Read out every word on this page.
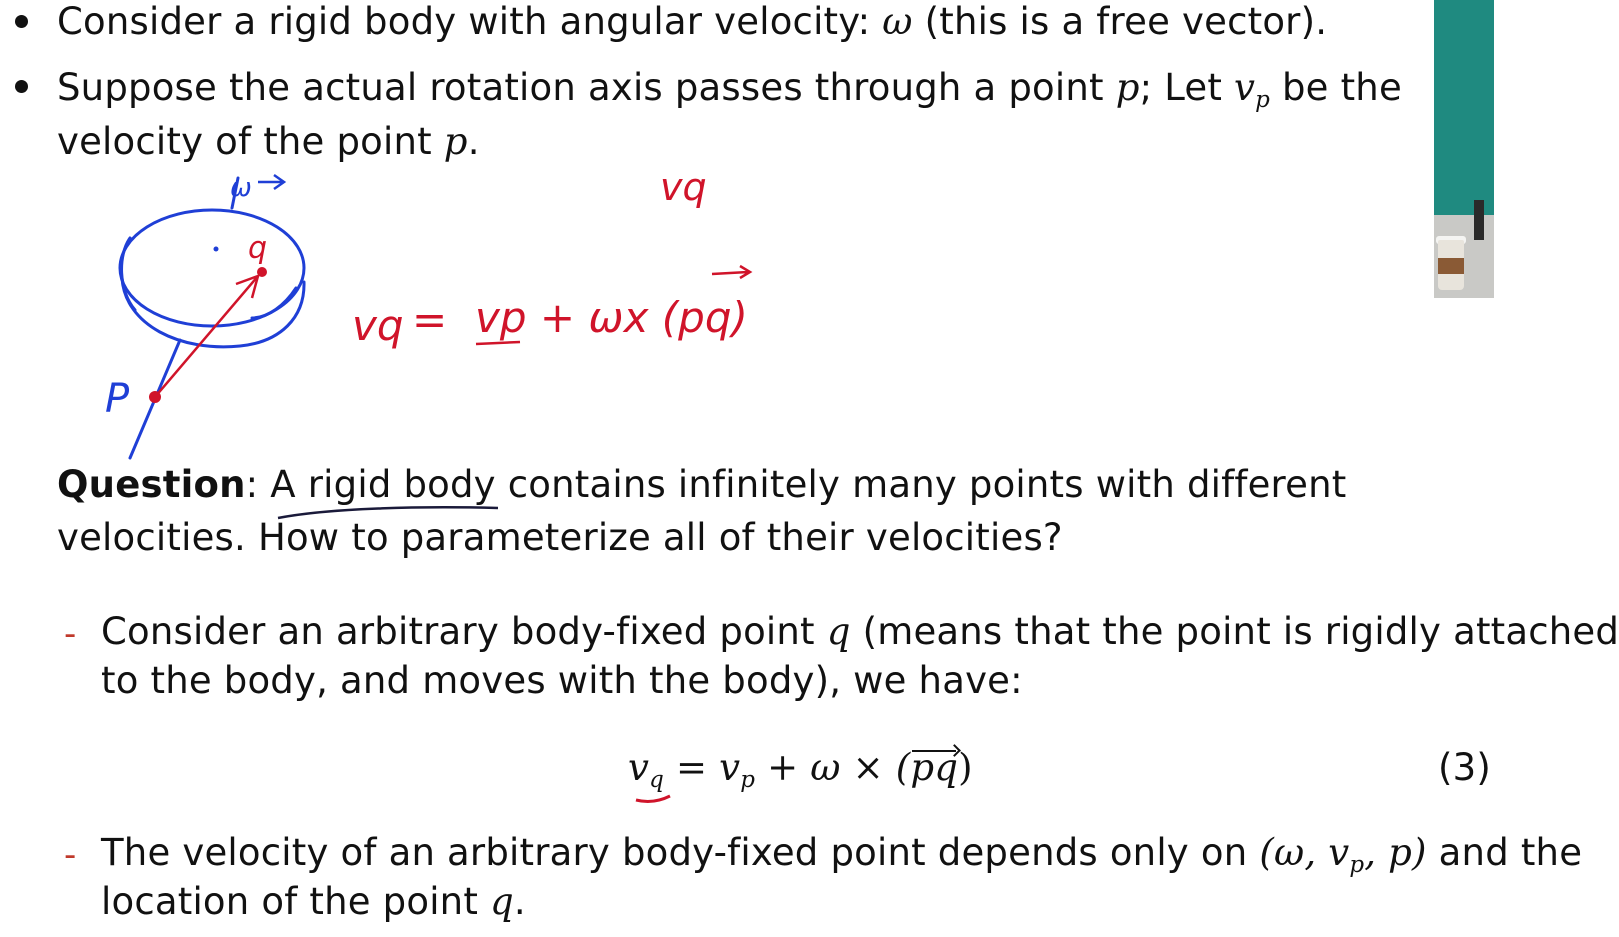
Consider a rigid body with angular velocity: ω (this is a free vector).
Suppose the actual rotation axis passes through a point p; Let $v_p$ be the
velocity of the point p.
Question: A rigid body contains infinitely many points with different
velocities. How to parameterize all of their velocities?
- Consider an arbitrary body-fixed point q (means that the point is rigidly attached
to the body, and moves with the body), we have:
$v_q = v_p + \omega \times (pq)$	(3)
- The velocity of an arbitrary body-fixed point depends only on (ω, $v_p$, p) and the
location of the point q.
ω
q
P
vq
vq = vp + ωx (pq)
